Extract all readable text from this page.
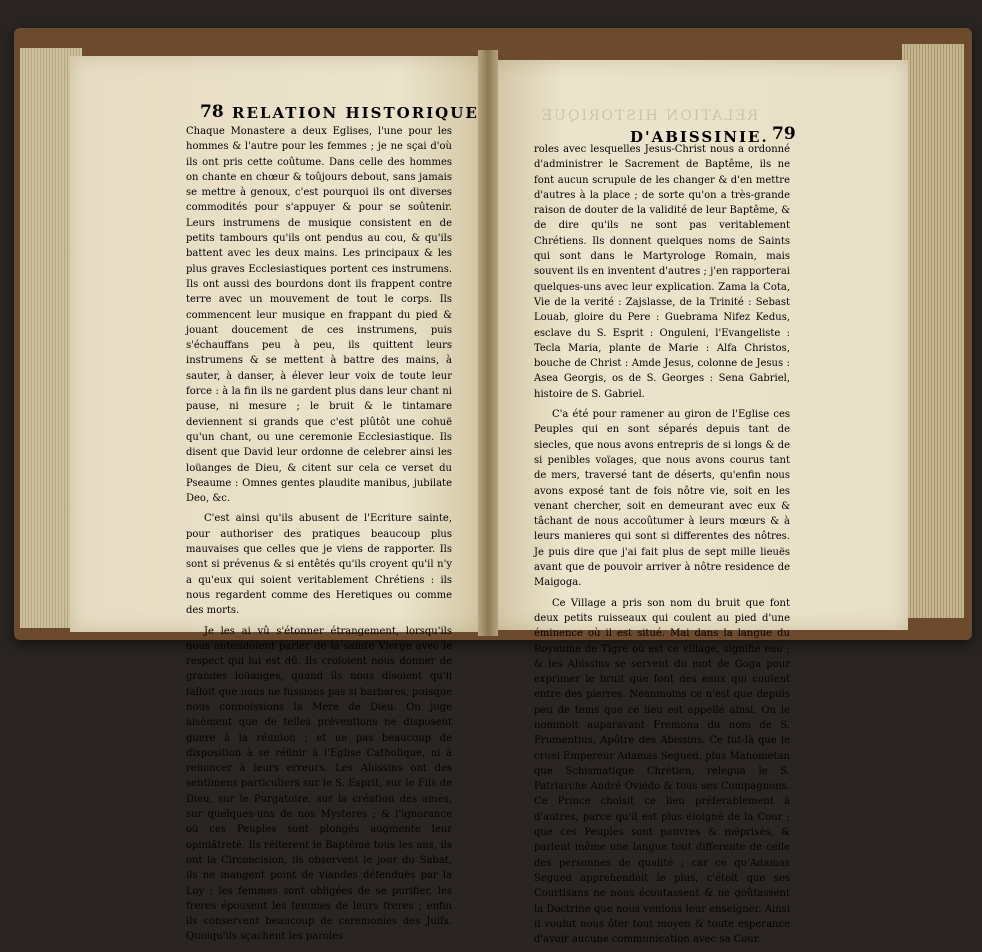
78 RELATION HISTORIQUE	RELATION HISTORIQUE
D'ABISSINIE. 79

Chaque Monastere a deux Eglises, l'une pour les hommes & l'autre pour les femmes ; je ne sçai d'où ils ont pris cette coûtume. Dans celle des hommes on chante en chœur & toûjours debout, sans jamais se mettre à genoux, c'est pourquoi ils ont diverses commodités pour s'appuyer & pour se soûtenir. Leurs instrumens de musique consistent en de petits tambours qu'ils ont pendus au cou, & qu'ils battent avec les deux mains. Les principaux & les plus graves Ecclesiastiques portent ces instrumens. Ils ont aussi des bourdons dont ils frappent contre terre avec un mouvement de tout le corps. Ils commencent leur musique en frappant du pied & jouant doucement de ces instrumens, puis s'échauffans peu à peu, ils quittent leurs instrumens & se mettent à battre des mains, à sauter, à danser, à élever leur voix de toute leur force : à la fin ils ne gardent plus dans leur chant ni pause, ni mesure ; le bruit & le tintamare deviennent si grands que c'est plûtôt une cohuë qu'un chant, ou une ceremonie Ecclesiastique. Ils disent que David leur ordonne de celebrer ainsi les loüanges de Dieu, & citent sur cela ce verset du Pseaume : Omnes gentes plaudite manibus, jubilate Deo, &c.

C'est ainsi qu'ils abusent de l'Ecriture sainte, pour authoriser des pratiques beaucoup plus mauvaises que celles que je viens de rapporter. Ils sont si prévenus & si entêtés qu'ils croyent qu'il n'y a qu'eux qui soient veritablement Chrétiens : ils nous regardent comme des Heretiques ou comme des morts.

Je les ai vû s'étonner étrangement, lorsqu'ils nous entendoient parler de la sainte Vierge avec le respect qui lui est dû. Ils croïoient nous donner de grandes loüanges, quand ils nous disoient qu'il falloit que nous ne fussions pas si barbares, puisque nous connoissions la Mere de Dieu. On juge aisément que de telles préventions ne disposent guere à la réunion ; et ne pas beaucoup de disposition à se réünir à l'Eglise Catholique, ni à renoncer à leurs erreurs. Les Abissins ont des sentimens particuliers sur le S. Esprit, sur le Fils de Dieu, sur le Purgatoire, sur la création des ames, sur quelques-uns de nos Mysteres ; & l'ignorance où ces Peuples sont plongés augmente leur opiniâtreté. Ils réiterent le Baptême tous les ans, ils ont la Circoncision, ils observent le jour du Sabat, ils ne mangent point de viandes défenduës par la Loy ; les femmes sont obligées de se purifier, les freres épousent les femmes de leurs freres ; enfin ils conservent beaucoup de ceremonies des Juifs. Quoiqu'ils sçachent les paroles

roles avec lesquelles Jesus-Christ nous a ordonné d'administrer le Sacrement de Baptême, ils ne font aucun scrupule de les changer & d'en mettre d'autres à la place ; de sorte qu'on a très-grande raison de douter de la validité de leur Baptême, & de dire qu'ils ne sont pas veritablement Chrétiens. Ils donnent quelques noms de Saints qui sont dans le Martyrologe Romain, mais souvent ils en inventent d'autres ; j'en rapporterai quelques-uns avec leur explication. Zama la Cota, Vie de la verité : Zajslasse, de la Trinité : Sebast Louab, gloire du Pere : Guebrama Nifez Kedus, esclave du S. Esprit : Onguleni, l'Evangeliste : Tecla Maria, plante de Marie : Alfa Christos, bouche de Christ : Amde Jesus, colonne de Jesus : Asea Georgis, os de S. Georges : Sena Gabriel, histoire de S. Gabriel.

C'a été pour ramener au giron de l'Eglise ces Peuples qui en sont séparés depuis tant de siecles, que nous avons entrepris de si longs & de si penibles voïages, que nous avons courus tant de mers, traversé tant de déserts, qu'enfin nous avons exposé tant de fois nôtre vie, soit en les venant chercher, soit en demeurant avec eux & tâchant de nous accoûtumer à leurs mœurs & à leurs manieres qui sont si differentes des nôtres. Je puis dire que j'ai fait plus de sept mille lieuës avant que de pouvoir arriver à nôtre residence de Maigoga.

Ce Village a pris son nom du bruit que font deux petits ruisseaux qui coulent au pied d'une éminence où il est situé. Mai dans la langue du Royaume de Tigré où est ce village, signifie eau ; & les Abissins se servent du mot de Goga pour exprimer le bruit que font des eaux qui coulent entre des pierres. Neanmoins ce n'est que depuis peu de tems que ce lieu est appellé ainsi. On le nommoit auparavant Fremona du nom de S. Frumentius, Apôtre des Abissins. Ce fut-là que le cruel Empereur Adamas Segued, plus Mahometan que Schismatique Chrétien, relegua le S. Patriarche André Oviedo & tous ses Compagnons. Ce Prince choisit ce lieu préferablement à d'autres, parce qu'il est plus éloigné de la Cour ; que ces Peuples sont pauvres & méprisés, & parlent même une langue tout differente de celle des personnes de qualité ; car ce qu'Adamas Segued apprehendoit le plus, c'étoit que ses Courtisans ne nous écoutassent & ne goûtassent la Doctrine que nous venions leur enseigner. Ainsi il voulut nous ôter tout moyen & toute esperance d'avoir aucune communication avec sa Cour.
